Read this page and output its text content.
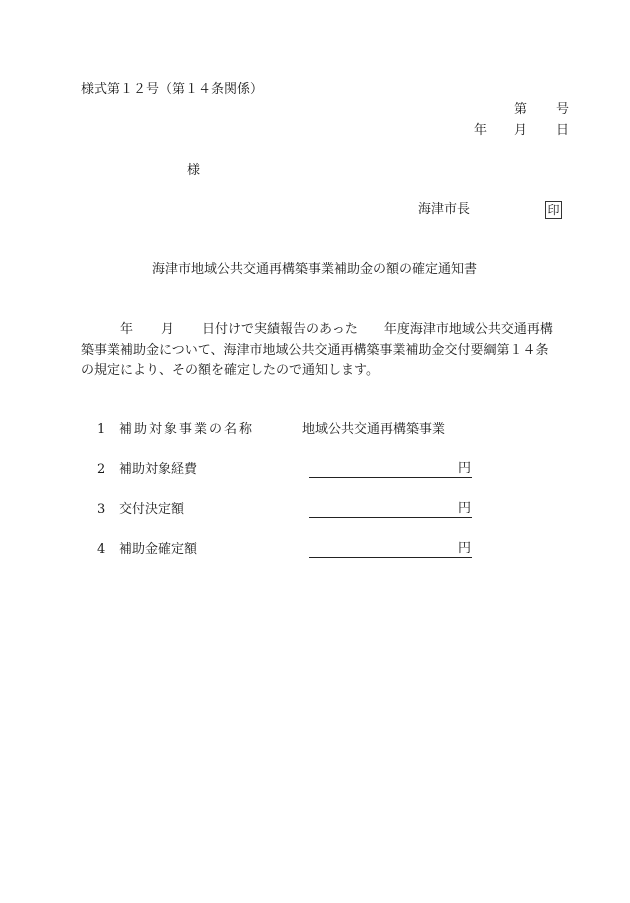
様式第１２号（第１４条関係）
第 号
年 月 日
様
海津市長	印
海津市地域公共交通再構築事業補助金の額の確定通知書
年 月 日付けで実績報告のあった　　年度海津市地域公共交通再構
築事業補助金について、海津市地域公共交通再構築事業補助金交付要綱第１４条
の規定により、その額を確定したので通知します。
1 補助対象事業の名称	地域公共交通再構築事業
2 補助対象経費	円
3 交付決定額	円
4 補助金確定額	円
